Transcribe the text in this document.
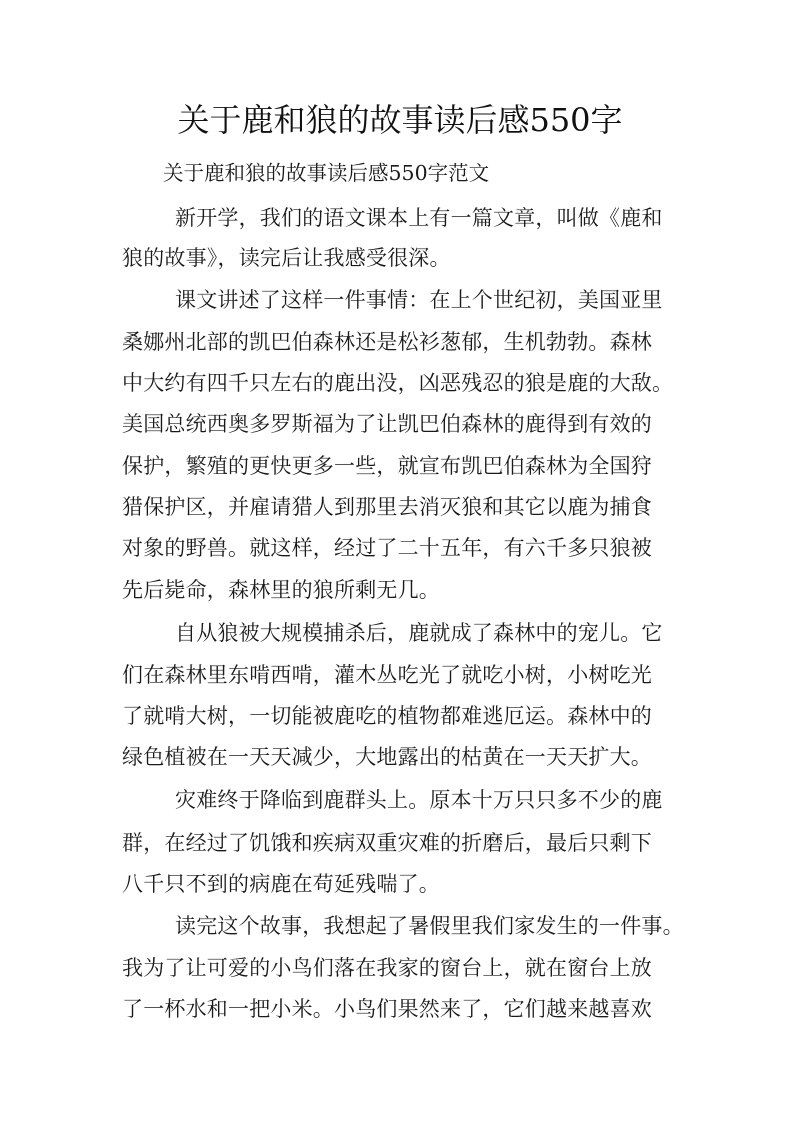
关于鹿和狼的故事读后感550字
关于鹿和狼的故事读后感550字范文
新开学，我们的语文课本上有一篇文章，叫做《鹿和
狼的故事》，读完后让我感受很深。
课文讲述了这样一件事情：在上个世纪初，美国亚里
桑娜州北部的凯巴伯森林还是松衫葱郁，生机勃勃。森林
中大约有四千只左右的鹿出没，凶恶残忍的狼是鹿的大敌。
美国总统西奥多罗斯福为了让凯巴伯森林的鹿得到有效的
保护，繁殖的更快更多一些，就宣布凯巴伯森林为全国狩
猎保护区，并雇请猎人到那里去消灭狼和其它以鹿为捕食
对象的野兽。就这样，经过了二十五年，有六千多只狼被
先后毙命，森林里的狼所剩无几。
自从狼被大规模捕杀后，鹿就成了森林中的宠儿。它
们在森林里东啃西啃，灌木丛吃光了就吃小树，小树吃光
了就啃大树，一切能被鹿吃的植物都难逃厄运。森林中的
绿色植被在一天天减少，大地露出的枯黄在一天天扩大。
灾难终于降临到鹿群头上。原本十万只只多不少的鹿
群，在经过了饥饿和疾病双重灾难的折磨后，最后只剩下
八千只不到的病鹿在苟延残喘了。
读完这个故事，我想起了暑假里我们家发生的一件事。
我为了让可爱的小鸟们落在我家的窗台上，就在窗台上放
了一杯水和一把小米。小鸟们果然来了，它们越来越喜欢
